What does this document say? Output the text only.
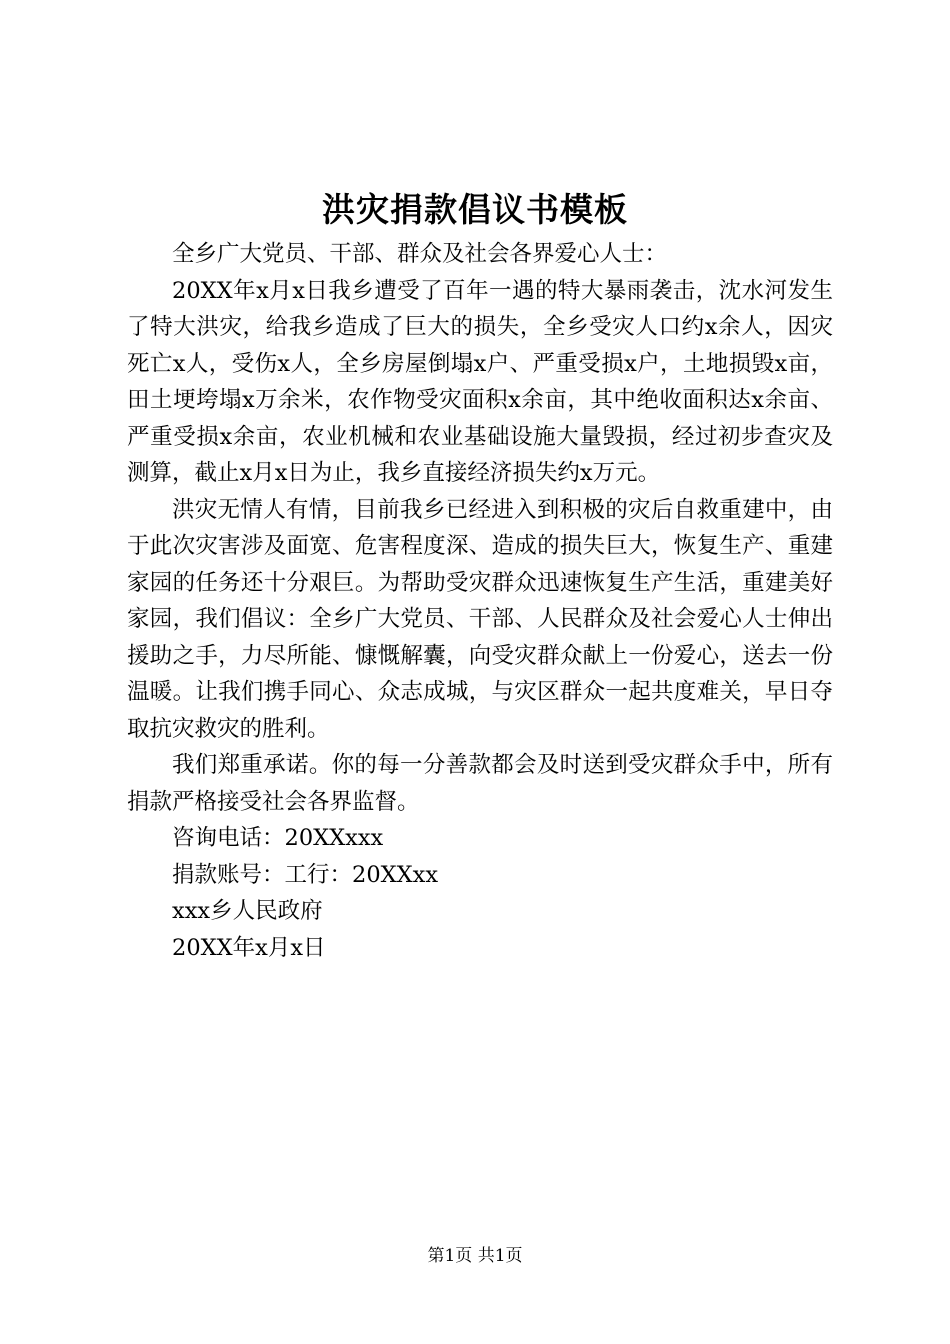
洪灾捐款倡议书模板

全乡广大党员、干部、群众及社会各界爱心人士：

20XX年x月x日我乡遭受了百年一遇的特大暴雨袭击，沈水河发生了特大洪灾，给我乡造成了巨大的损失，全乡受灾人口约x余人，因灾死亡x人，受伤x人，全乡房屋倒塌x户、严重受损x户，土地损毁x亩，田土埂垮塌x万余米，农作物受灾面积x余亩，其中绝收面积达x余亩、严重受损x余亩，农业机械和农业基础设施大量毁损，经过初步查灾及测算，截止x月x日为止，我乡直接经济损失约x万元。

洪灾无情人有情，目前我乡已经进入到积极的灾后自救重建中，由于此次灾害涉及面宽、危害程度深、造成的损失巨大，恢复生产、重建家园的任务还十分艰巨。为帮助受灾群众迅速恢复生产生活，重建美好家园，我们倡议：全乡广大党员、干部、人民群众及社会爱心人士伸出援助之手，力尽所能、慷慨解囊，向受灾群众献上一份爱心，送去一份温暖。让我们携手同心、众志成城，与灾区群众一起共度难关，早日夺取抗灾救灾的胜利。

我们郑重承诺。你的每一分善款都会及时送到受灾群众手中，所有捐款严格接受社会各界监督。

咨询电话：20XXxxx

捐款账号：工行：20XXxx

xxx乡人民政府

20XX年x月x日

第1页 共1页
